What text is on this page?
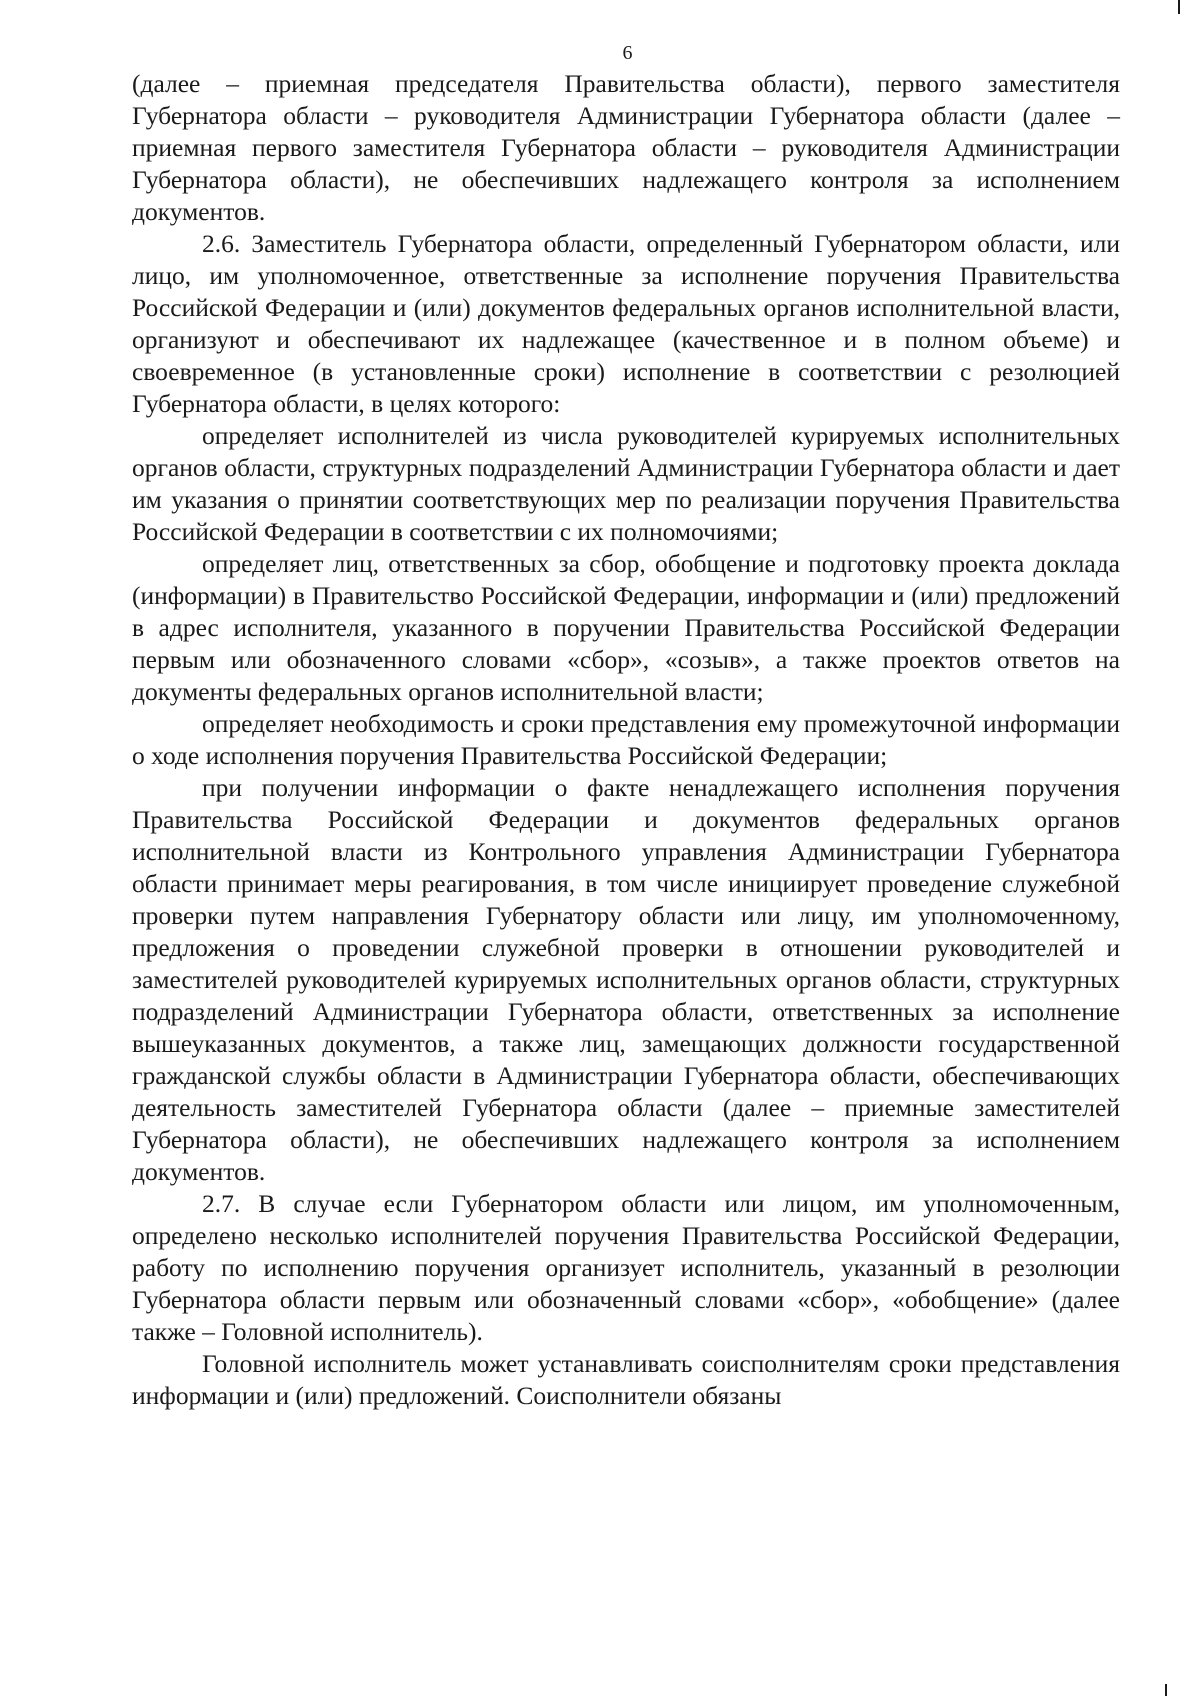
6

(далее – приемная председателя Правительства области), первого заместителя Губернатора области – руководителя Администрации Губернатора области (далее – приемная первого заместителя Губернатора области – руководителя Администрации Губернатора области), не обеспечивших надлежащего контроля за исполнением документов.

2.6. Заместитель Губернатора области, определенный Губернатором области, или лицо, им уполномоченное, ответственные за исполнение поручения Правительства Российской Федерации и (или) документов федеральных органов исполнительной власти, организуют и обеспечивают их надлежащее (качественное и в полном объеме) и своевременное (в установленные сроки) исполнение в соответствии с резолюцией Губернатора области, в целях которого:

определяет исполнителей из числа руководителей курируемых исполнительных органов области, структурных подразделений Администрации Губернатора области и дает им указания о принятии соответствующих мер по реализации поручения Правительства Российской Федерации в соответствии с их полномочиями;

определяет лиц, ответственных за сбор, обобщение и подготовку проекта доклада (информации) в Правительство Российской Федерации, информации и (или) предложений в адрес исполнителя, указанного в поручении Правительства Российской Федерации первым или обозначенного словами «сбор», «созыв», а также проектов ответов на документы федеральных органов исполнительной власти;

определяет необходимость и сроки представления ему промежуточной информации о ходе исполнения поручения Правительства Российской Федерации;

при получении информации о факте ненадлежащего исполнения поручения Правительства Российской Федерации и документов федеральных органов исполнительной власти из Контрольного управления Администрации Губернатора области принимает меры реагирования, в том числе инициирует проведение служебной проверки путем направления Губернатору области или лицу, им уполномоченному, предложения о проведении служебной проверки в отношении руководителей и заместителей руководителей курируемых исполнительных органов области, структурных подразделений Администрации Губернатора области, ответственных за исполнение вышеуказанных документов, а также лиц, замещающих должности государственной гражданской службы области в Администрации Губернатора области, обеспечивающих деятельность заместителей Губернатора области (далее – приемные заместителей Губернатора области), не обеспечивших надлежащего контроля за исполнением документов.

2.7. В случае если Губернатором области или лицом, им уполномоченным, определено несколько исполнителей поручения Правительства Российской Федерации, работу по исполнению поручения организует исполнитель, указанный в резолюции Губернатора области первым или обозначенный словами «сбор», «обобщение» (далее также – Головной исполнитель).

Головной исполнитель может устанавливать соисполнителям сроки представления информации и (или) предложений. Соисполнители обязаны
